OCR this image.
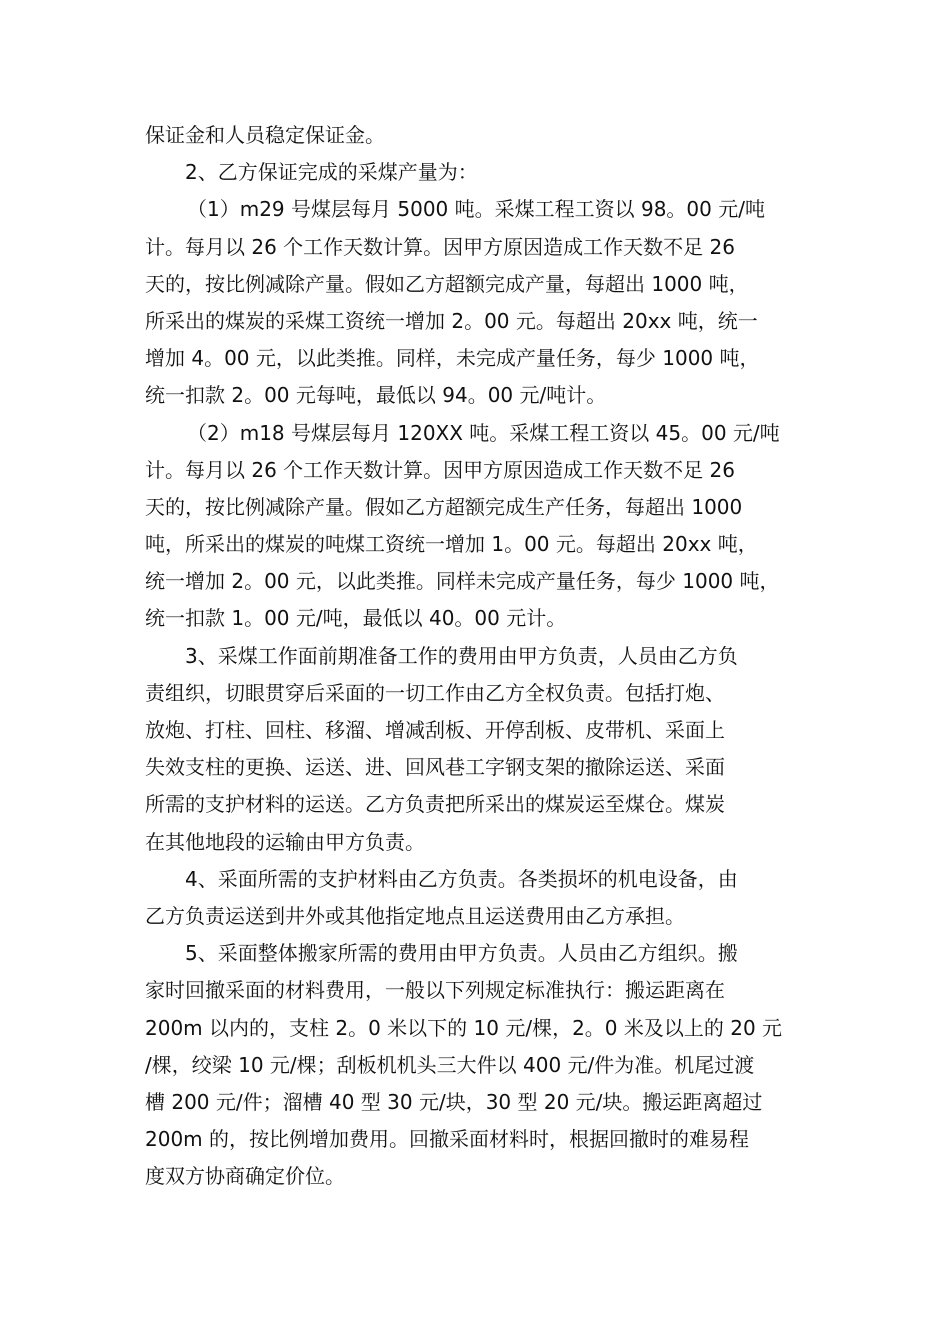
保证金和人员稳定保证金。
2、乙方保证完成的采煤产量为：
（1）m29 号煤层每月 5000 吨。采煤工程工资以 98。00 元/吨
计。每月以 26 个工作天数计算。因甲方原因造成工作天数不足 26
天的，按比例减除产量。假如乙方超额完成产量，每超出 1000 吨，
所采出的煤炭的采煤工资统一增加 2。00 元。每超出 20xx 吨，统一
增加 4。00 元，以此类推。同样，未完成产量任务，每少 1000 吨，
统一扣款 2。00 元每吨，最低以 94。00 元/吨计。
（2）m18 号煤层每月 120XX 吨。采煤工程工资以 45。00 元/吨
计。每月以 26 个工作天数计算。因甲方原因造成工作天数不足 26
天的，按比例减除产量。假如乙方超额完成生产任务，每超出 1000
吨，所采出的煤炭的吨煤工资统一增加 1。00 元。每超出 20xx 吨，
统一增加 2。00 元，以此类推。同样未完成产量任务，每少 1000 吨，
统一扣款 1。00 元/吨，最低以 40。00 元计。
3、采煤工作面前期准备工作的费用由甲方负责，人员由乙方负
责组织，切眼贯穿后采面的一切工作由乙方全权负责。包括打炮、
放炮、打柱、回柱、移溜、增减刮板、开停刮板、皮带机、采面上
失效支柱的更换、运送、进、回风巷工字钢支架的撤除运送、采面
所需的支护材料的运送。乙方负责把所采出的煤炭运至煤仓。煤炭
在其他地段的运输由甲方负责。
4、采面所需的支护材料由乙方负责。各类损坏的机电设备，由
乙方负责运送到井外或其他指定地点且运送费用由乙方承担。
5、采面整体搬家所需的费用由甲方负责。人员由乙方组织。搬
家时回撤采面的材料费用，一般以下列规定标准执行：搬运距离在
200m 以内的，支柱 2。0 米以下的 10 元/棵，2。0 米及以上的 20 元
/棵，绞梁 10 元/棵；刮板机机头三大件以 400 元/件为准。机尾过渡
槽 200 元/件；溜槽 40 型 30 元/块，30 型 20 元/块。搬运距离超过
200m 的，按比例增加费用。回撤采面材料时，根据回撤时的难易程
度双方协商确定价位。
